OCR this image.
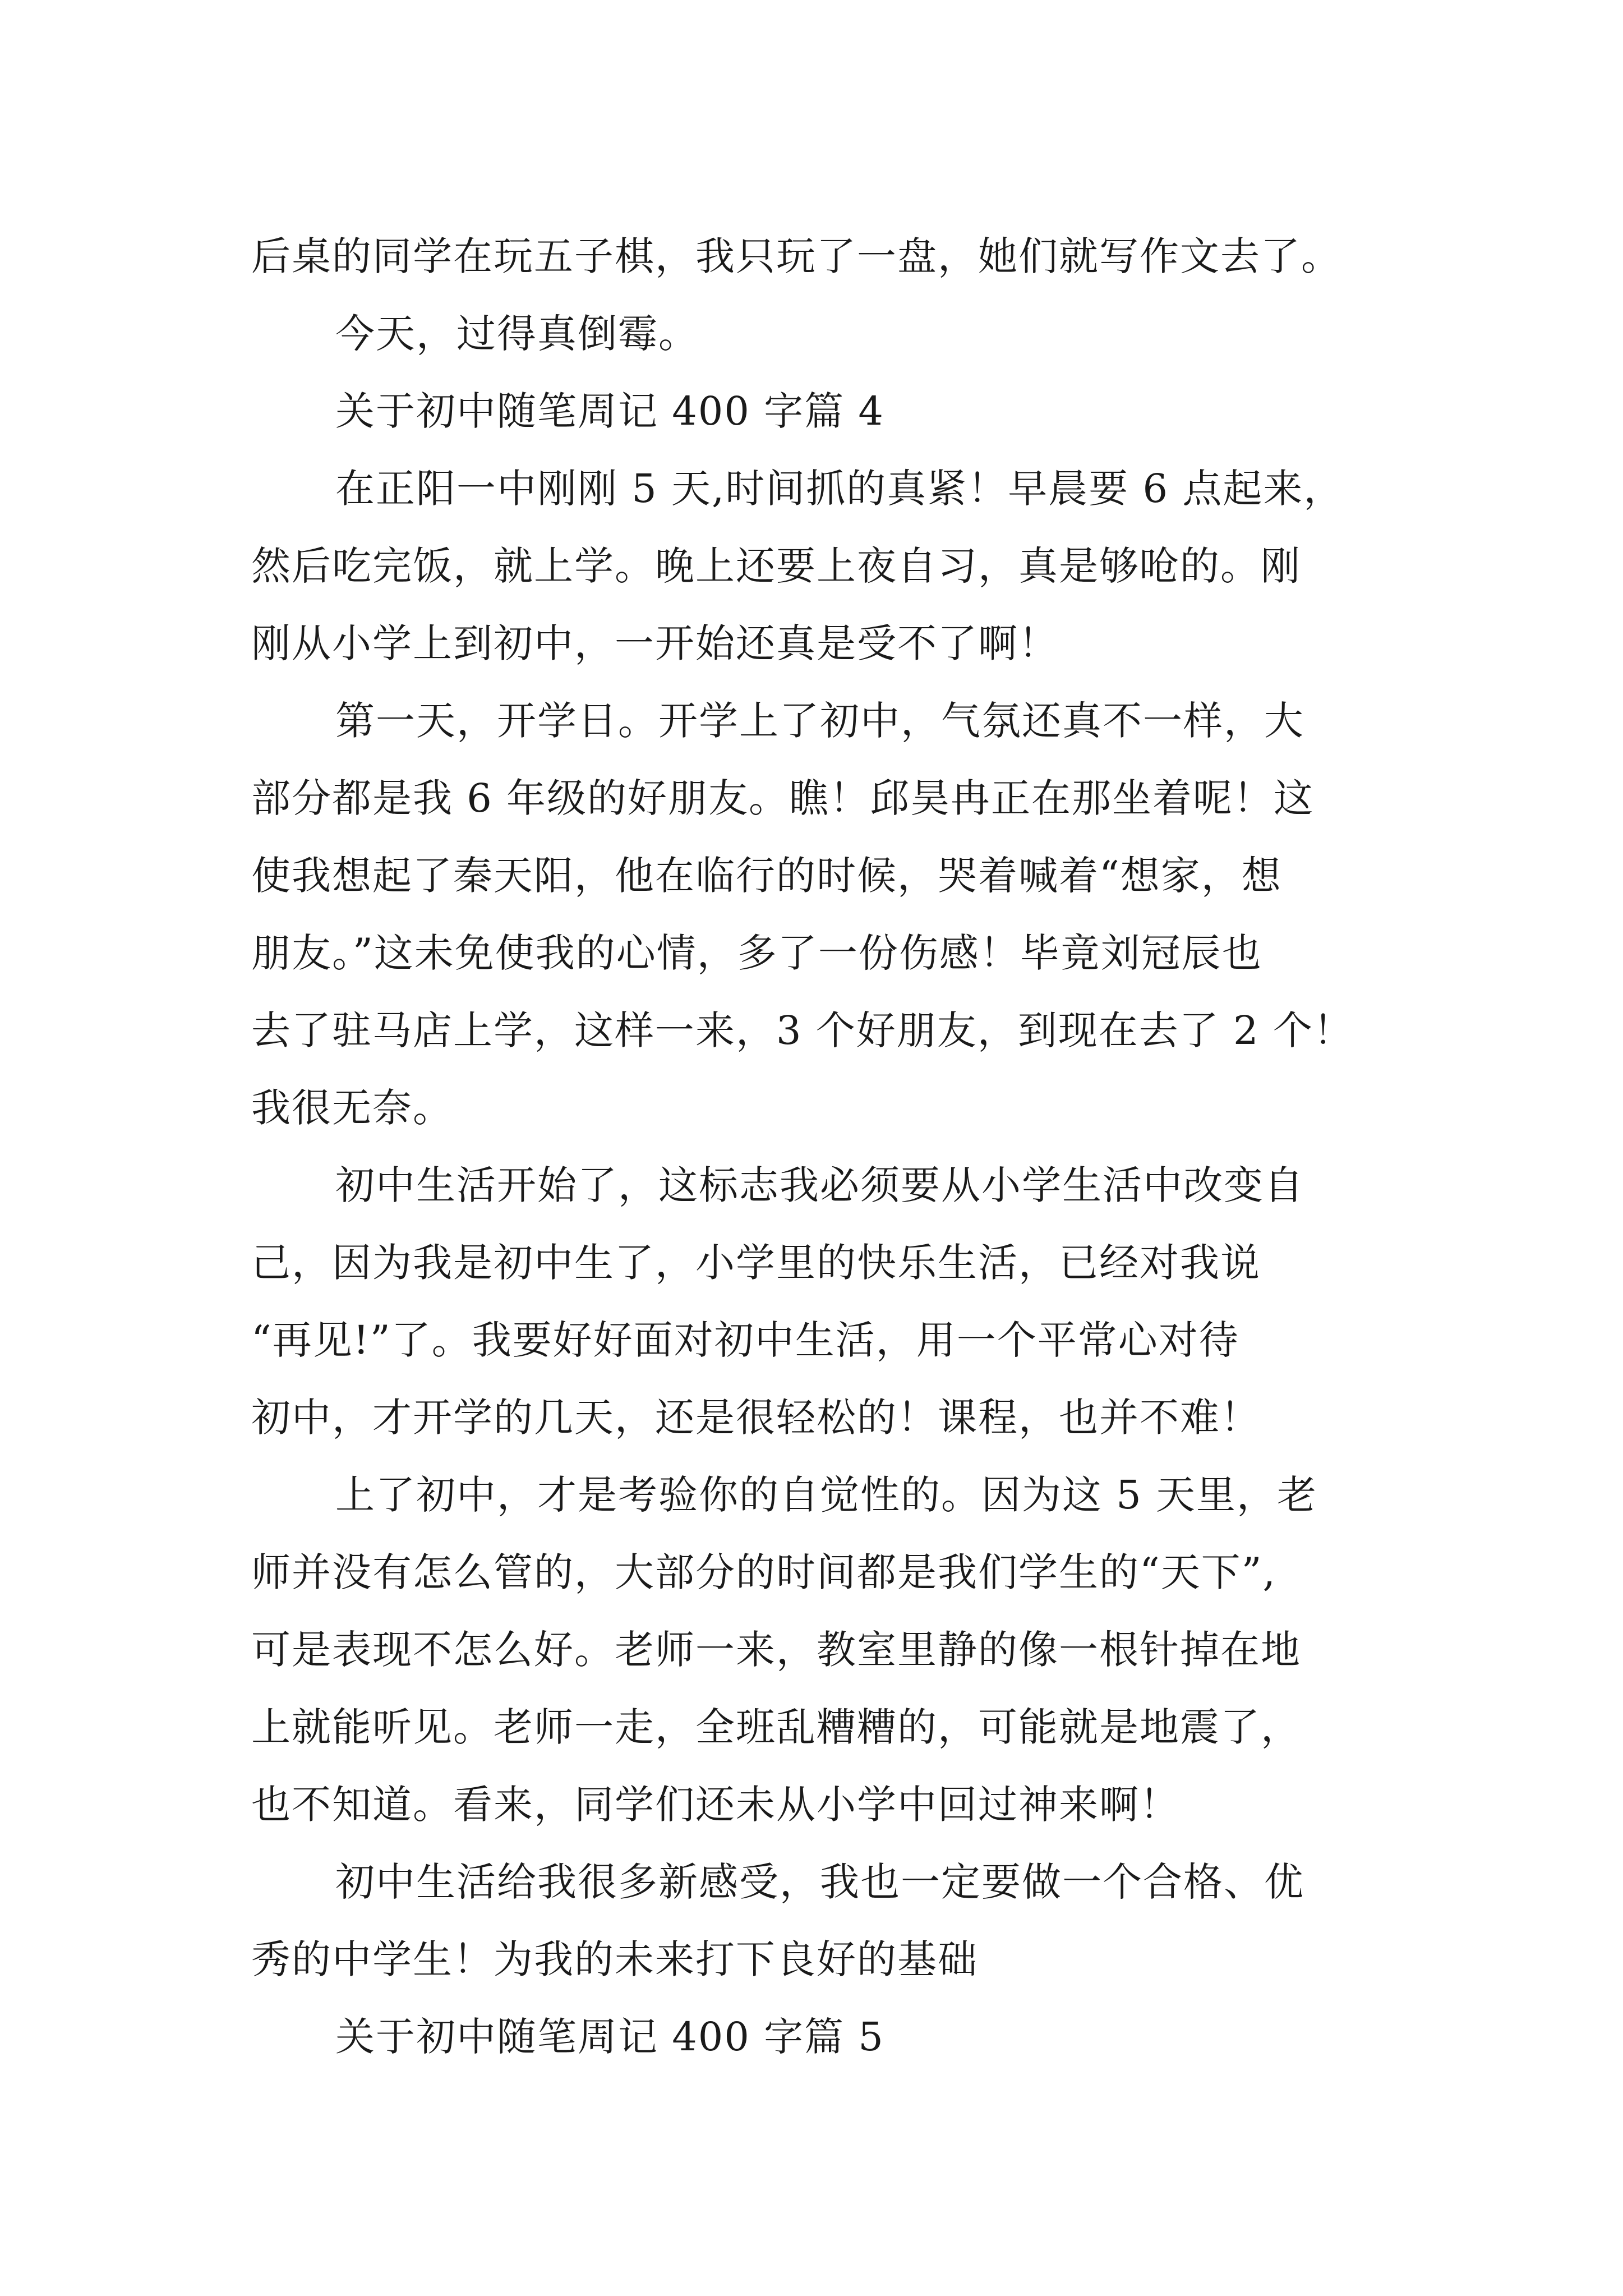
后桌的同学在玩五子棋，我只玩了一盘，她们就写作文去了。
今天，过得真倒霉。
关于初中随笔周记 400 字篇 4
在正阳一中刚刚 5 天,时间抓的真紧！早晨要 6 点起来，
然后吃完饭，就上学。晚上还要上夜自习，真是够呛的。刚
刚从小学上到初中，一开始还真是受不了啊！
第一天，开学日。开学上了初中，气氛还真不一样，大
部分都是我 6 年级的好朋友。瞧！邱昊冉正在那坐着呢！这
使我想起了秦天阳，他在临行的时候，哭着喊着“想家，想
朋友。”这未免使我的心情，多了一份伤感！毕竟刘冠辰也
去了驻马店上学，这样一来，3 个好朋友，到现在去了 2 个！
我很无奈。
初中生活开始了，这标志我必须要从小学生活中改变自
己，因为我是初中生了，小学里的快乐生活，已经对我说
“再见!”了。我要好好面对初中生活，用一个平常心对待
初中，才开学的几天，还是很轻松的！课程，也并不难！
上了初中，才是考验你的自觉性的。因为这 5 天里，老
师并没有怎么管的，大部分的时间都是我们学生的“天下”,
可是表现不怎么好。老师一来，教室里静的像一根针掉在地
上就能听见。老师一走，全班乱糟糟的，可能就是地震了，
也不知道。看来，同学们还未从小学中回过神来啊！
初中生活给我很多新感受，我也一定要做一个合格、优
秀的中学生！为我的未来打下良好的基础
关于初中随笔周记 400 字篇 5
